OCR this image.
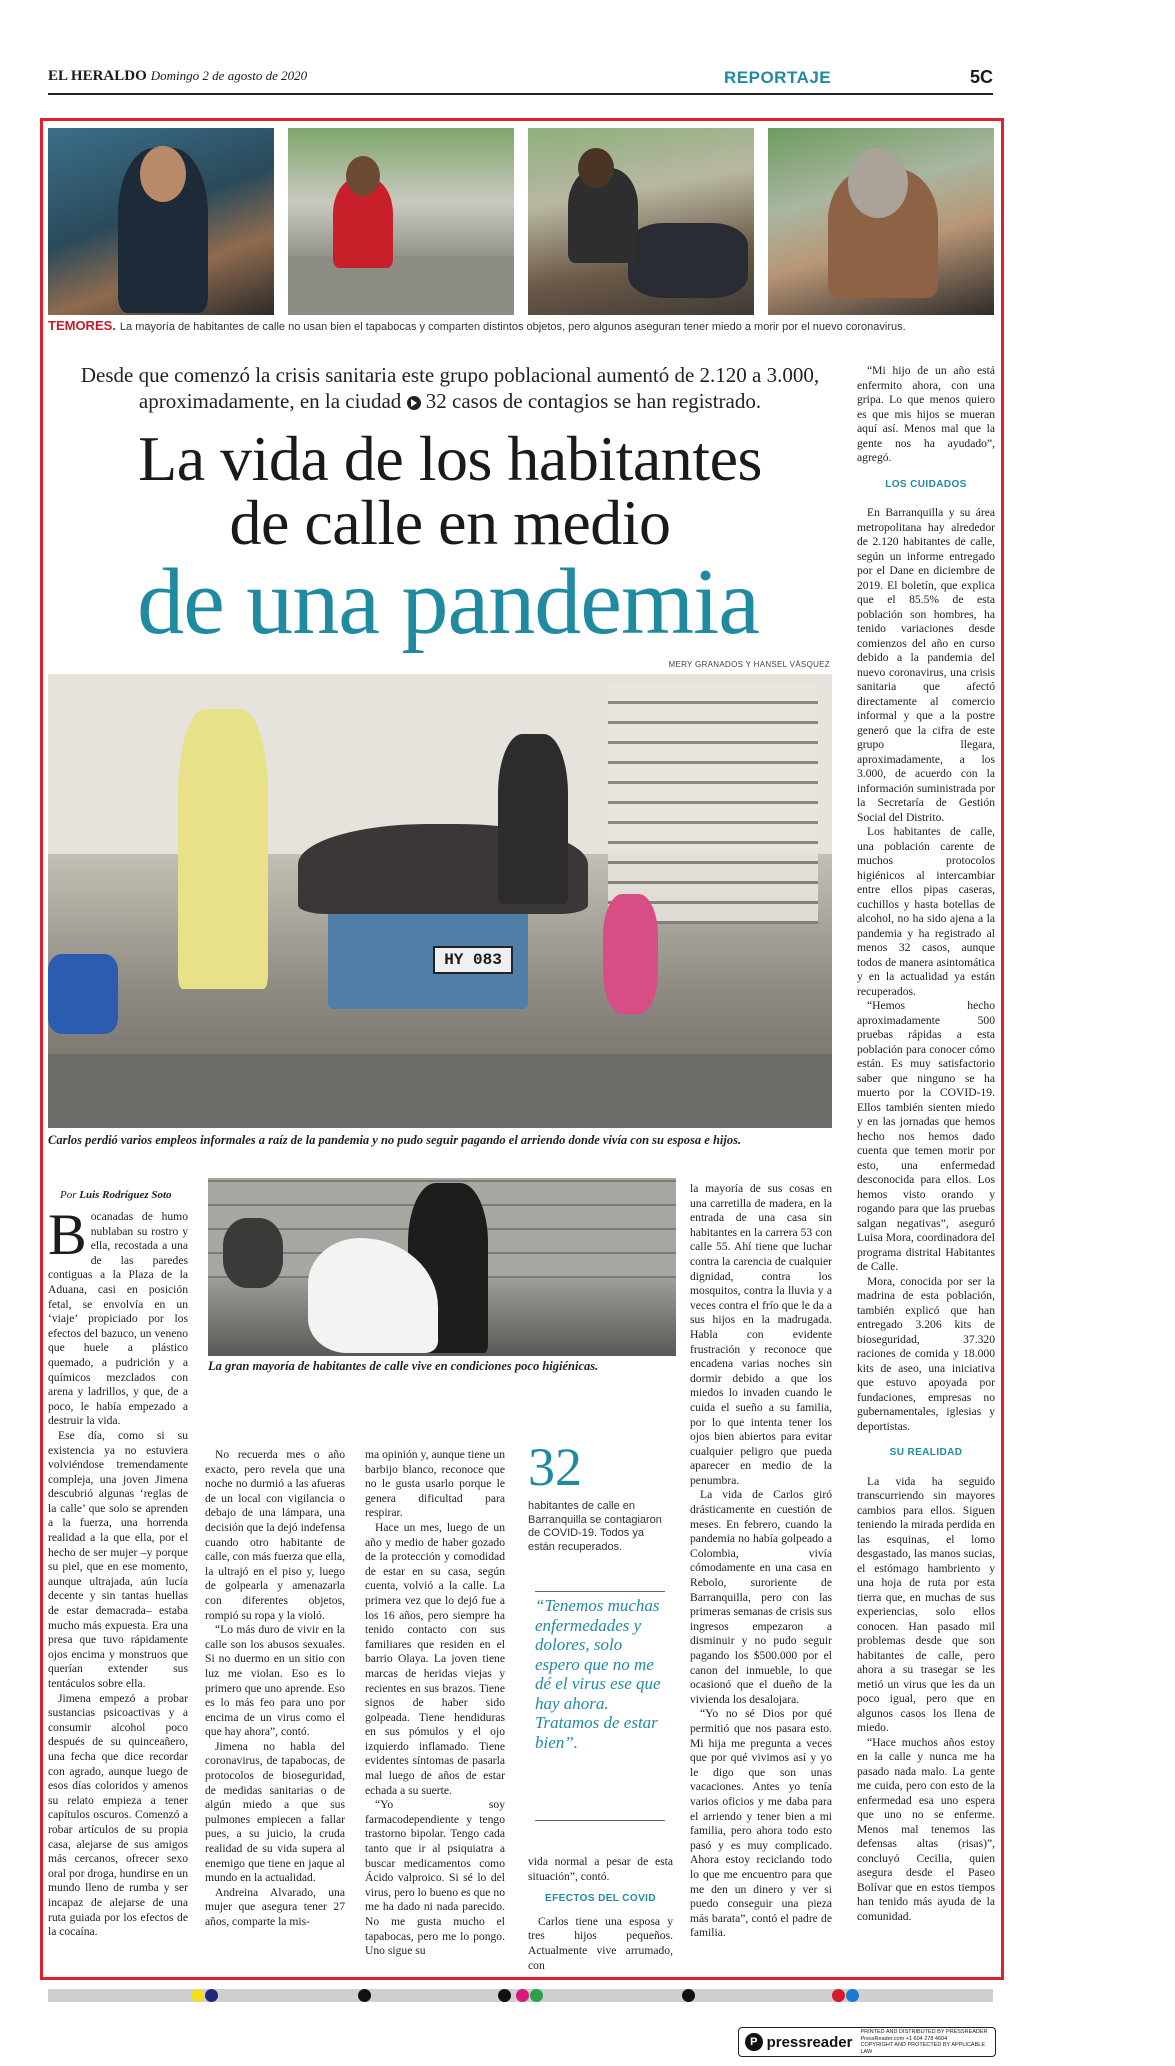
EL HERALDO Domingo 2 de agosto de 2020	REPORTAJE	5C
TEMORES. La mayoría de habitantes de calle no usan bien el tapabocas y comparten distintos objetos, pero algunos aseguran tener miedo a morir por el nuevo coronavirus.
Desde que comenzó la crisis sanitaria este grupo poblacional aumentó de 2.120 a 3.000, aproximadamente, en la ciudad 32 casos de contagios se han registrado.
La vida de los habitantes
de calle en medio
de una pandemia
MERY GRANADOS Y HANSEL VÁSQUEZ
HY 083
Carlos perdió varios empleos informales a raíz de la pandemia y no pudo seguir pagando el arriendo donde vivía con su esposa e hijos.

“Mi hijo de un año está enfermito ahora, con una gripa. Lo que menos quiero es que mis hijos se mueran aquí así. Menos mal que la gente nos ha ayudado”, agregó.

LOS CUIDADOS

En Barranquilla y su área metropolitana hay alrededor de 2.120 habitantes de calle, según un informe entregado por el Dane en diciembre de 2019. El boletín, que explica que el 85.5% de esta población son hombres, ha tenido variaciones desde comienzos del año en curso debido a la pandemia del nuevo coronavirus, una crisis sanitaria que afectó directamente al comercio informal y que a la postre generó que la cifra de este grupo llegara, aproximadamente, a los 3.000, de acuerdo con la información suministrada por la Secretaría de Gestión Social del Distrito.

Los habitantes de calle, una población carente de muchos protocolos higiénicos al intercambiar entre ellos pipas caseras, cuchillos y hasta botellas de alcohol, no ha sido ajena a la pandemia y ha registrado al menos 32 casos, aunque todos de manera asintomática y en la actualidad ya están recuperados.

“Hemos hecho aproximadamente 500 pruebas rápidas a esta población para conocer cómo están. Es muy satisfactorio saber que ninguno se ha muerto por la COVID-19. Ellos también sienten miedo y en las jornadas que hemos hecho nos hemos dado cuenta que temen morir por esto, una enfermedad desconocida para ellos. Los hemos visto orando y rogando para que las pruebas salgan negativas”, aseguró Luisa Mora, coordinadora del programa distrital Habitantes de Calle.

Mora, conocida por ser la madrina de esta población, también explicó que han entregado 3.206 kits de bioseguridad, 37.320 raciones de comida y 18.000 kits de aseo, una iniciativa que estuvo apoyada por fundaciones, empresas no gubernamentales, iglesias y deportistas.

SU REALIDAD

La vida ha seguido transcurriendo sin mayores cambios para ellos. Siguen teniendo la mirada perdida en las esquinas, el lomo desgastado, las manos sucias, el estómago hambriento y una hoja de ruta por esta tierra que, en muchas de sus experiencias, solo ellos conocen. Han pasado mil problemas desde que son habitantes de calle, pero ahora a su trasegar se les metió un virus que les da un poco igual, pero que en algunos casos los llena de miedo.

“Hace muchos años estoy en la calle y nunca me ha pasado nada malo. La gente me cuida, pero con esto de la enfermedad esa uno espera que uno no se enferme. Menos mal tenemos las defensas altas (risas)”, concluyó Cecilia, quien asegura desde el Paseo Bolívar que en estos tiempos han tenido más ayuda de la comunidad.

Por Luis Rodríguez Soto

Bocanadas de humo nublaban su rostro y ella, recostada a una de las paredes contiguas a la Plaza de la Aduana, casi en posición fetal, se envolvía en un ‘viaje’ propiciado por los efectos del bazuco, un veneno que huele a plástico quemado, a pudrición y a químicos mezclados con arena y ladrillos, y que, de a poco, le había empezado a destruir la vida.

Ese día, como si su existencia ya no estuviera volviéndose tremendamente compleja, una joven Jimena descubrió algunas ‘reglas de la calle’ que solo se aprenden a la fuerza, una horrenda realidad a la que ella, por el hecho de ser mujer –y porque su piel, que en ese momento, aunque ultrajada, aún lucía decente y sin tantas huellas de estar demacrada– estaba mucho más expuesta. Era una presa que tuvo rápidamente ojos encima y monstruos que querían extender sus tentáculos sobre ella.

Jimena empezó a probar sustancias psicoactivas y a consumir alcohol poco después de su quinceañero, una fecha que dice recordar con agrado, aunque luego de esos días coloridos y amenos su relato empieza a tener capítulos oscuros. Comenzó a robar artículos de su propia casa, alejarse de sus amigos más cercanos, ofrecer sexo oral por droga, hundirse en un mundo lleno de rumba y ser incapaz de alejarse de una ruta guiada por los efectos de la cocaína.

La gran mayoría de habitantes de calle vive en condiciones poco higiénicas.

No recuerda mes o año exacto, pero revela que una noche no durmió a las afueras de un local con vigilancia o debajo de una lámpara, una decisión que la dejó indefensa cuando otro habitante de calle, con más fuerza que ella, la ultrajó en el piso y, luego de golpearla y amenazarla con diferentes objetos, rompió su ropa y la violó.

“Lo más duro de vivir en la calle son los abusos sexuales. Si no duermo en un sitio con luz me violan. Eso es lo primero que uno aprende. Eso es lo más feo para uno por encima de un virus como el que hay ahora”, contó.

Jimena no habla del coronavirus, de tapabocas, de protocolos de bioseguridad, de medidas sanitarias o de algún miedo a que sus pulmones empiecen a fallar pues, a su juicio, la cruda realidad de su vida supera al enemigo que tiene en jaque al mundo en la actualidad.

Andreina Alvarado, una mujer que asegura tener 27 años, comparte la mis-

ma opinión y, aunque tiene un barbijo blanco, reconoce que no le gusta usarlo porque le genera dificultad para respirar.

Hace un mes, luego de un año y medio de haber gozado de la protección y comodidad de estar en su casa, según cuenta, volvió a la calle. La primera vez que lo dejó fue a los 16 años, pero siempre ha tenido contacto con sus familiares que residen en el barrio Olaya. La joven tiene marcas de heridas viejas y recientes en sus brazos. Tiene signos de haber sido golpeada. Tiene hendiduras en sus pómulos y el ojo izquierdo inflamado. Tiene evidentes síntomas de pasarla mal luego de años de estar echada a su suerte.

“Yo soy farmacodependiente y tengo trastorno bipolar. Tengo cada tanto que ir al psiquiatra a buscar medicamentos como Ácido valproico. Si sé lo del virus, pero lo bueno es que no me ha dado ni nada parecido. No me gusta mucho el tapabocas, pero me lo pongo. Uno sigue su

32
habitantes de calle en Barranquilla se contagiaron de COVID-19. Todos ya están recuperados.
“Tenemos muchas enfermedades y dolores, solo espero que no me dé el virus ese que hay ahora. Tratamos de estar bien”.

vida normal a pesar de esta situación”, contó.

EFECTOS DEL COVID

Carlos tiene una esposa y tres hijos pequeños. Actualmente vive arrumado, con

la mayoría de sus cosas en una carretilla de madera, en la entrada de una casa sin habitantes en la carrera 53 con calle 55. Ahí tiene que luchar contra la carencia de cualquier dignidad, contra los mosquitos, contra la lluvia y a veces contra el frío que le da a sus hijos en la madrugada. Habla con evidente frustración y reconoce que encadena varias noches sin dormir debido a que los miedos lo invaden cuando le cuida el sueño a su familia, por lo que intenta tener los ojos bien abiertos para evitar cualquier peligro que pueda aparecer en medio de la penumbra.

La vida de Carlos giró drásticamente en cuestión de meses. En febrero, cuando la pandemia no había golpeado a Colombia, vivía cómodamente en una casa en Rebolo, suroriente de Barranquilla, pero con las primeras semanas de crisis sus ingresos empezaron a disminuir y no pudo seguir pagando los $500.000 por el canon del inmueble, lo que ocasionó que el dueño de la vivienda los desalojara.

“Yo no sé Dios por qué permitió que nos pasara esto. Mi hija me pregunta a veces que por qué vivimos así y yo le digo que son unas vacaciones. Antes yo tenía varios oficios y me daba para el arriendo y tener bien a mi familia, pero ahora todo esto pasó y es muy complicado. Ahora estoy reciclando todo lo que me encuentro para que me den un dinero y ver si puedo conseguir una pieza más barata”, contó el padre de familia.

P pressreader
PRINTED AND DISTRIBUTED BY PRESSREADER
PressReader.com +1 604 278 4604
COPYRIGHT AND PROTECTED BY APPLICABLE LAW
